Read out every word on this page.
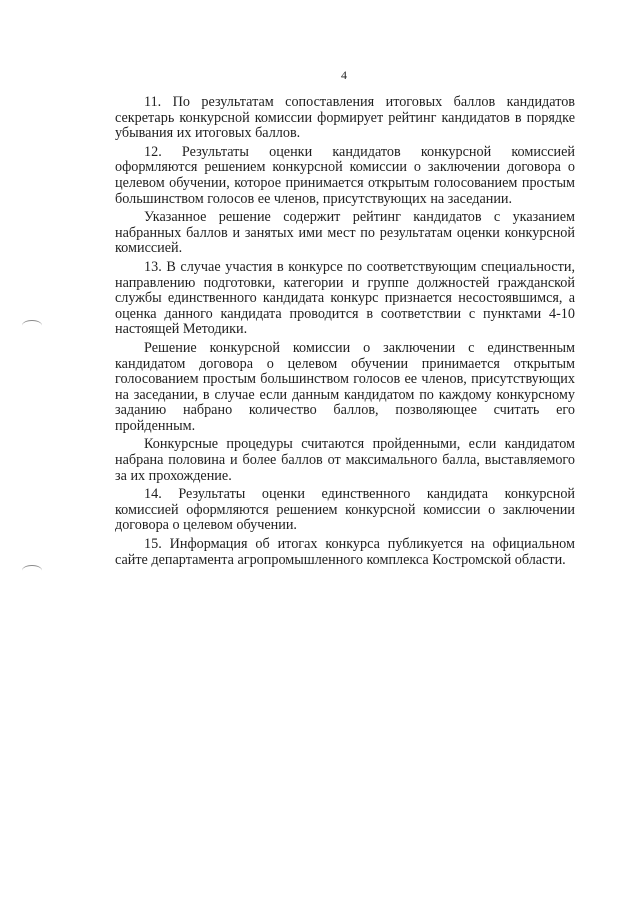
4

11. По результатам сопоставления итоговых баллов кандидатов секретарь конкурсной комиссии формирует рейтинг кандидатов в порядке убывания их итоговых баллов.

12. Результаты оценки кандидатов конкурсной комиссией оформляются решением конкурсной комиссии о заключении договора о целевом обучении, которое принимается открытым голосованием простым большинством голосов ее членов, присутствующих на заседании.

Указанное решение содержит рейтинг кандидатов с указанием набранных баллов и занятых ими мест по результатам оценки конкурсной комиссией.

13. В случае участия в конкурсе по соответствующим специальности, направлению подготовки, категории и группе должностей гражданской службы единственного кандидата конкурс признается несостоявшимся, а оценка данного кандидата проводится в соответствии с пунктами 4-10 настоящей Методики.

Решение конкурсной комиссии о заключении с единственным кандидатом договора о целевом обучении принимается открытым голосованием простым большинством голосов ее членов, присутствующих на заседании, в случае если данным кандидатом по каждому конкурсному заданию набрано количество баллов, позволяющее считать его пройденным.

Конкурсные процедуры считаются пройденными, если кандидатом набрана половина и более баллов от максимального балла, выставляемого за их прохождение.

14. Результаты оценки единственного кандидата конкурсной комиссией оформляются решением конкурсной комиссии о заключении договора о целевом обучении.

15. Информация об итогах конкурса публикуется на официальном сайте департамента агропромышленного комплекса Костромской области.
